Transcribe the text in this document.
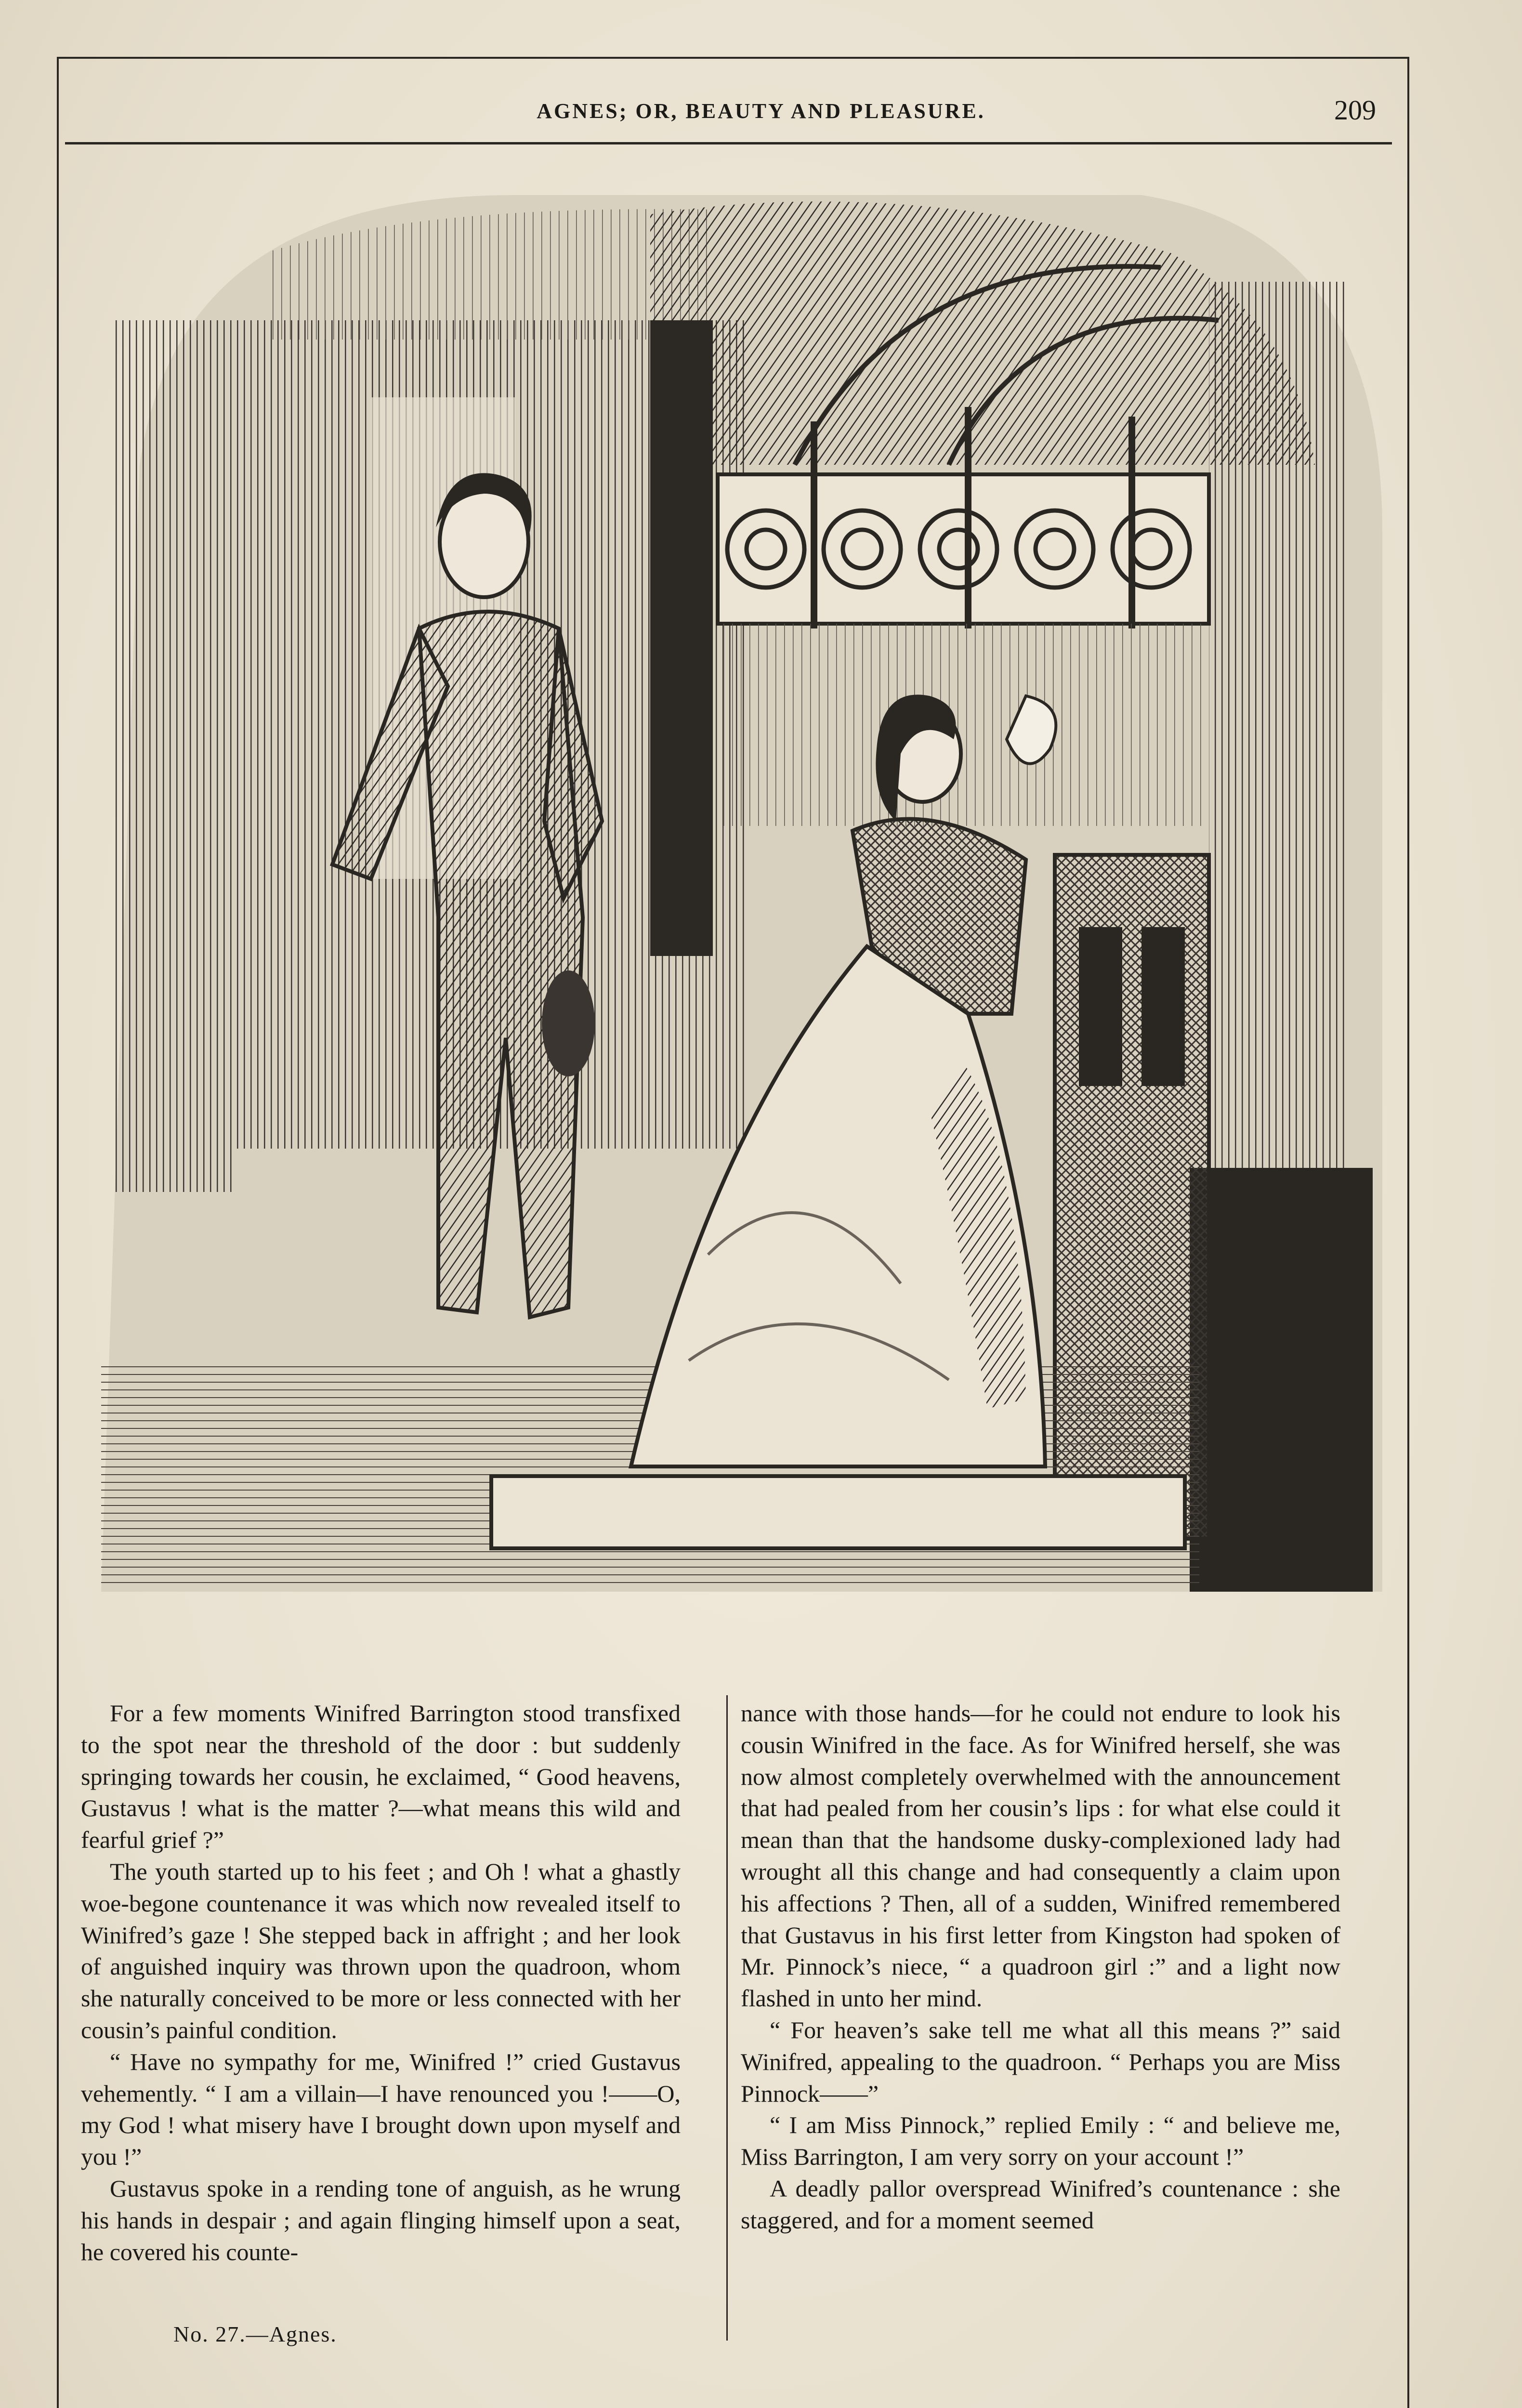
AGNES; OR, BEAUTY AND PLEASURE.	209

For a few moments Winifred Barrington stood transfixed to the spot near the threshold of the door : but suddenly springing towards her cousin, he exclaimed, “ Good heavens, Gustavus ! what is the matter ?—what means this wild and fearful grief ?”

The youth started up to his feet ; and Oh ! what a ghastly woe-begone countenance it was which now revealed itself to Winifred’s gaze ! She stepped back in affright ; and her look of anguished inquiry was thrown upon the quadroon, whom she naturally conceived to be more or less connected with her cousin’s painful condition.

“ Have no sympathy for me, Winifred !” cried Gustavus vehemently. “ I am a villain—I have renounced you !——O, my God ! what misery have I brought down upon myself and you !”

Gustavus spoke in a rending tone of anguish, as he wrung his hands in despair ; and again flinging himself upon a seat, he covered his counte-

nance with those hands—for he could not endure to look his cousin Winifred in the face. As for Winifred herself, she was now almost completely overwhelmed with the announcement that had pealed from her cousin’s lips : for what else could it mean than that the handsome dusky-complexioned lady had wrought all this change and had consequently a claim upon his affections ? Then, all of a sudden, Winifred remembered that Gustavus in his first letter from Kingston had spoken of Mr. Pinnock’s niece, “ a quadroon girl :” and a light now flashed in unto her mind.

“ For heaven’s sake tell me what all this means ?” said Winifred, appealing to the quadroon. “ Perhaps you are Miss Pinnock——”

“ I am Miss Pinnock,” replied Emily : “ and believe me, Miss Barrington, I am very sorry on your account !”

A deadly pallor overspread Winifred’s countenance : she staggered, and for a moment seemed

No. 27.—Agnes.
